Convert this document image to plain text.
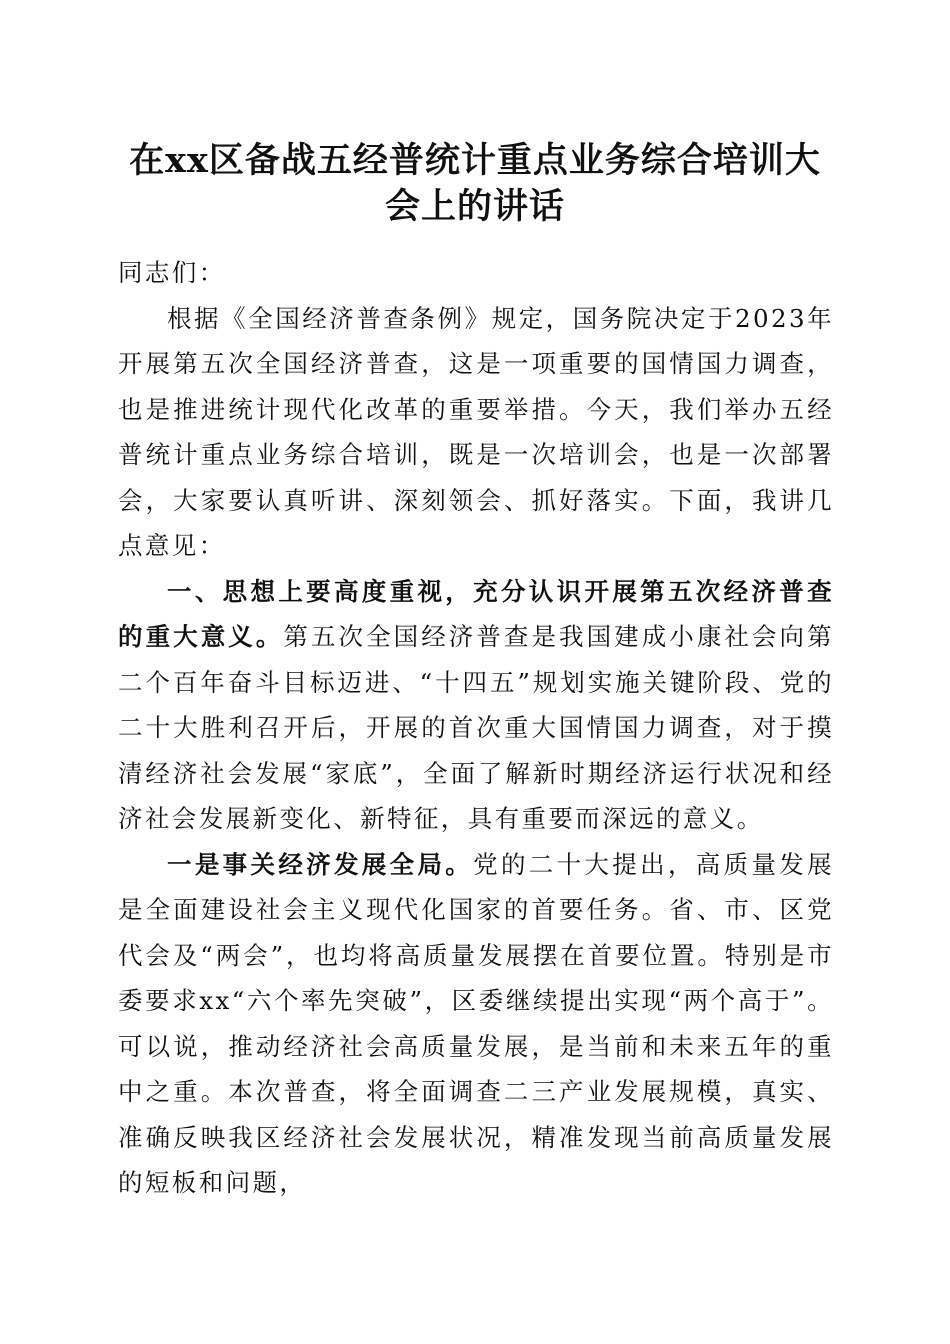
在xx区备战五经普统计重点业务综合培训大会上的讲话

同志们：

根据《全国经济普查条例》规定，国务院决定于2023年开展第五次全国经济普查，这是一项重要的国情国力调查，也是推进统计现代化改革的重要举措。今天，我们举办五经普统计重点业务综合培训，既是一次培训会，也是一次部署会，大家要认真听讲、深刻领会、抓好落实。下面，我讲几点意见：

一、思想上要高度重视，充分认识开展第五次经济普查的重大意义。第五次全国经济普查是我国建成小康社会向第二个百年奋斗目标迈进、“十四五”规划实施关键阶段、党的二十大胜利召开后，开展的首次重大国情国力调查，对于摸清经济社会发展“家底”，全面了解新时期经济运行状况和经济社会发展新变化、新特征，具有重要而深远的意义。

一是事关经济发展全局。党的二十大提出，高质量发展是全面建设社会主义现代化国家的首要任务。省、市、区党代会及“两会”，也均将高质量发展摆在首要位置。特别是市委要求xx“六个率先突破”，区委继续提出实现“两个高于”。可以说，推动经济社会高质量发展，是当前和未来五年的重中之重。本次普查，将全面调查二三产业发展规模，真实、准确反映我区经济社会发展状况，精准发现当前高质量发展的短板和问题，
